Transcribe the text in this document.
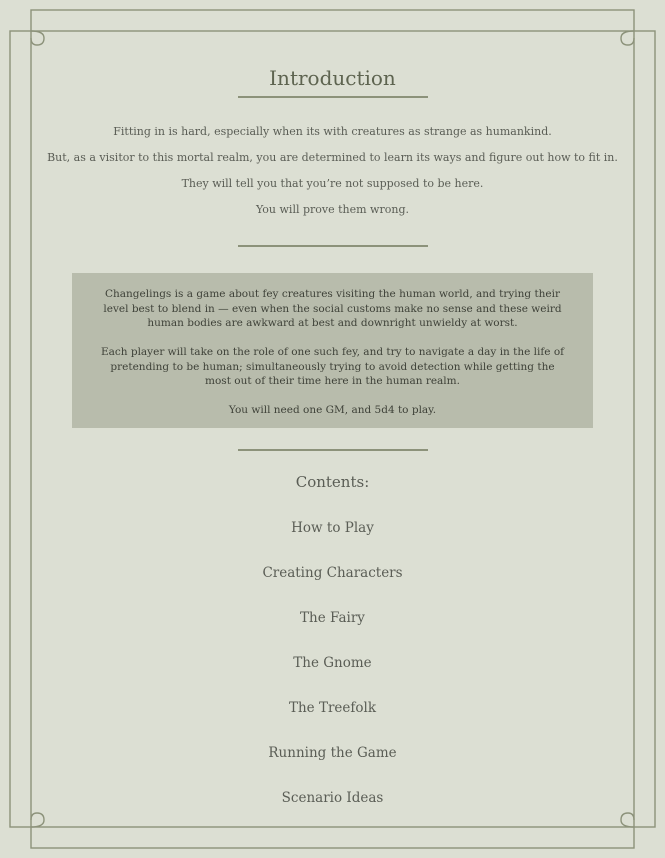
Introduction

Fitting in is hard, especially when its with creatures as strange as humankind.

But, as a visitor to this mortal realm, you are determined to learn its ways and figure out how to fit in.

They will tell you that you’re not supposed to be here.

You will prove them wrong.

Changelings is a game about fey creatures visiting the human world, and trying their level best to blend in — even when the social customs make no sense and these weird human bodies are awkward at best and downright unwieldy at worst.

Each player will take on the role of one such fey, and try to navigate a day in the life of pretending to be human; simultaneously trying to avoid detection while getting the most out of their time here in the human realm.

You will need one GM, and 5d4 to play.

Contents:
How to Play
Creating Characters
The Fairy
The Gnome
The Treefolk
Running the Game
Scenario Ideas
